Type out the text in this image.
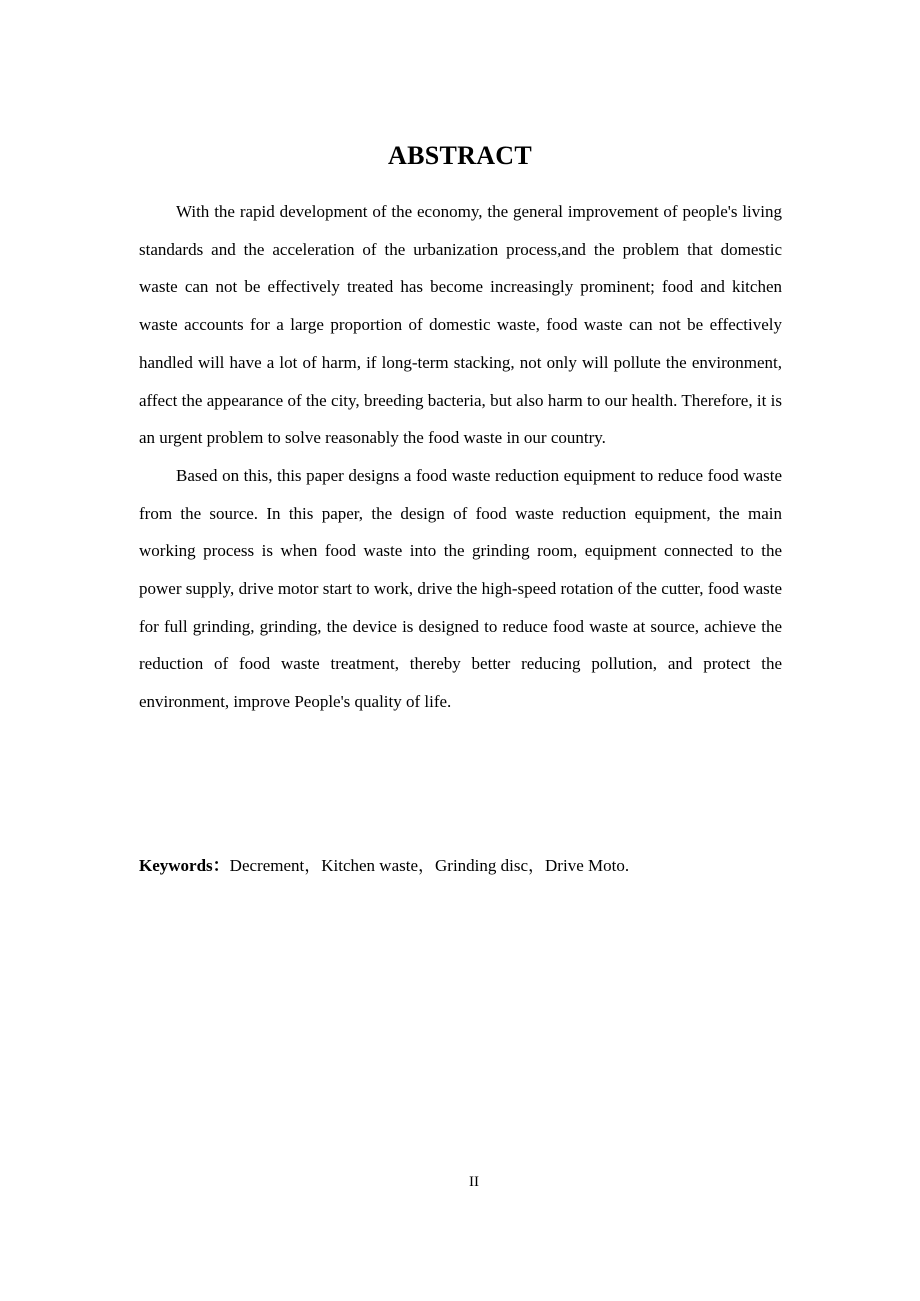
ABSTRACT

With the rapid development of the economy, the general improvement of people's living standards and the acceleration of the urbanization process,and the problem that domestic waste can not be effectively treated has become increasingly prominent; food and kitchen waste accounts for a large proportion of domestic waste, food waste can not be effectively handled will have a lot of harm, if long-term stacking, not only will pollute the environment, affect the appearance of the city, breeding bacteria, but also harm to our health. Therefore, it is an urgent problem to solve reasonably the food waste in our country.

Based on this, this paper designs a food waste reduction equipment to reduce food waste from the source. In this paper, the design of food waste reduction equipment, the main working process is when food waste into the grinding room, equipment connected to the power supply, drive motor start to work, drive the high-speed rotation of the cutter, food waste for full grinding, grinding, the device is designed to reduce food waste at source, achieve the reduction of food waste treatment, thereby better reducing pollution, and protect the environment, improve People's quality of life.

Keywords：Decrement，Kitchen waste，Grinding disc，Drive Moto.
II
